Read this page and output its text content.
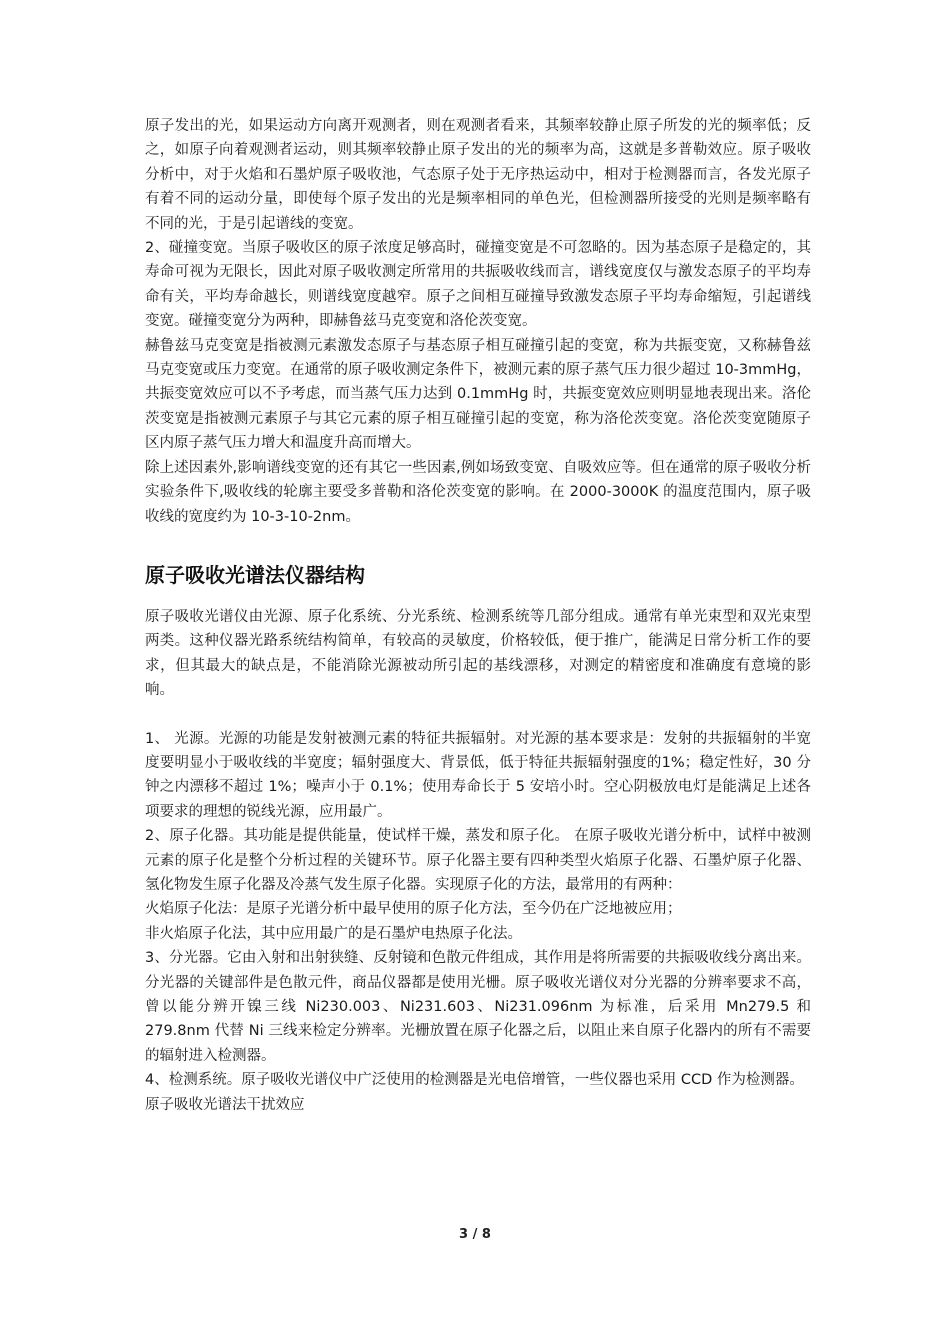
原子发出的光，如果运动方向离开观测者，则在观测者看来，其频率较静止原子所发的光的频率低；反之，如原子向着观测者运动，则其频率较静止原子发出的光的频率为高，这就是多普勒效应。原子吸收分析中，对于火焰和石墨炉原子吸收池，气态原子处于无序热运动中，相对于检测器而言，各发光原子有着不同的运动分量，即使每个原子发出的光是频率相同的单色光，但检测器所接受的光则是频率略有不同的光，于是引起谱线的变宽。

2、碰撞变宽。当原子吸收区的原子浓度足够高时，碰撞变宽是不可忽略的。因为基态原子是稳定的，其寿命可视为无限长，因此对原子吸收测定所常用的共振吸收线而言，谱线宽度仅与激发态原子的平均寿命有关，平均寿命越长，则谱线宽度越窄。原子之间相互碰撞导致激发态原子平均寿命缩短，引起谱线变宽。碰撞变宽分为两种，即赫鲁兹马克变宽和洛伦茨变宽。

赫鲁兹马克变宽是指被测元素激发态原子与基态原子相互碰撞引起的变宽，称为共振变宽，又称赫鲁兹马克变宽或压力变宽。在通常的原子吸收测定条件下，被测元素的原子蒸气压力很少超过 10-3mmHg，共振变宽效应可以不予考虑，而当蒸气压力达到 0.1mmHg 时，共振变宽效应则明显地表现出来。洛伦茨变宽是指被测元素原子与其它元素的原子相互碰撞引起的变宽，称为洛伦茨变宽。洛伦茨变宽随原子区内原子蒸气压力增大和温度升高而增大。

除上述因素外,影响谱线变宽的还有其它一些因素,例如场致变宽、自吸效应等。但在通常的原子吸收分析实验条件下,吸收线的轮廓主要受多普勒和洛伦茨变宽的影响。在 2000-3000K 的温度范围内，原子吸收线的宽度约为 10-3-10-2nm。

原子吸收光谱法仪器结构

原子吸收光谱仪由光源、原子化系统、分光系统、检测系统等几部分组成。通常有单光束型和双光束型两类。这种仪器光路系统结构简单，有较高的灵敏度，价格较低，便于推广，能满足日常分析工作的要求，但其最大的缺点是，不能消除光源被动所引起的基线漂移，对测定的精密度和准确度有意境的影响。

1、 光源。光源的功能是发射被测元素的特征共振辐射。对光源的基本要求是：发射的共振辐射的半宽度要明显小于吸收线的半宽度；辐射强度大、背景低，低于特征共振辐射强度的1%；稳定性好，30 分钟之内漂移不超过 1%；噪声小于 0.1%；使用寿命长于 5 安培小时。空心阴极放电灯是能满足上述各项要求的理想的锐线光源，应用最广。

2、原子化器。其功能是提供能量，使试样干燥，蒸发和原子化。 在原子吸收光谱分析中，试样中被测元素的原子化是整个分析过程的关键环节。原子化器主要有四种类型火焰原子化器、石墨炉原子化器、氢化物发生原子化器及冷蒸气发生原子化器。实现原子化的方法，最常用的有两种：

火焰原子化法：是原子光谱分析中最早使用的原子化方法，至今仍在广泛地被应用；

非火焰原子化法，其中应用最广的是石墨炉电热原子化法。

3、分光器。它由入射和出射狭缝、反射镜和色散元件组成，其作用是将所需要的共振吸收线分离出来。分光器的关键部件是色散元件，商品仪器都是使用光栅。原子吸收光谱仪对分光器的分辨率要求不高，曾以能分辨开镍三线 Ni230.003、Ni231.603、Ni231.096nm 为标准，后采用 Mn279.5 和 279.8nm 代替 Ni 三线来检定分辨率。光栅放置在原子化器之后，以阻止来自原子化器内的所有不需要的辐射进入检测器。

4、检测系统。原子吸收光谱仪中广泛使用的检测器是光电倍增管，一些仪器也采用 CCD 作为检测器。

原子吸收光谱法干扰效应

3 / 8
